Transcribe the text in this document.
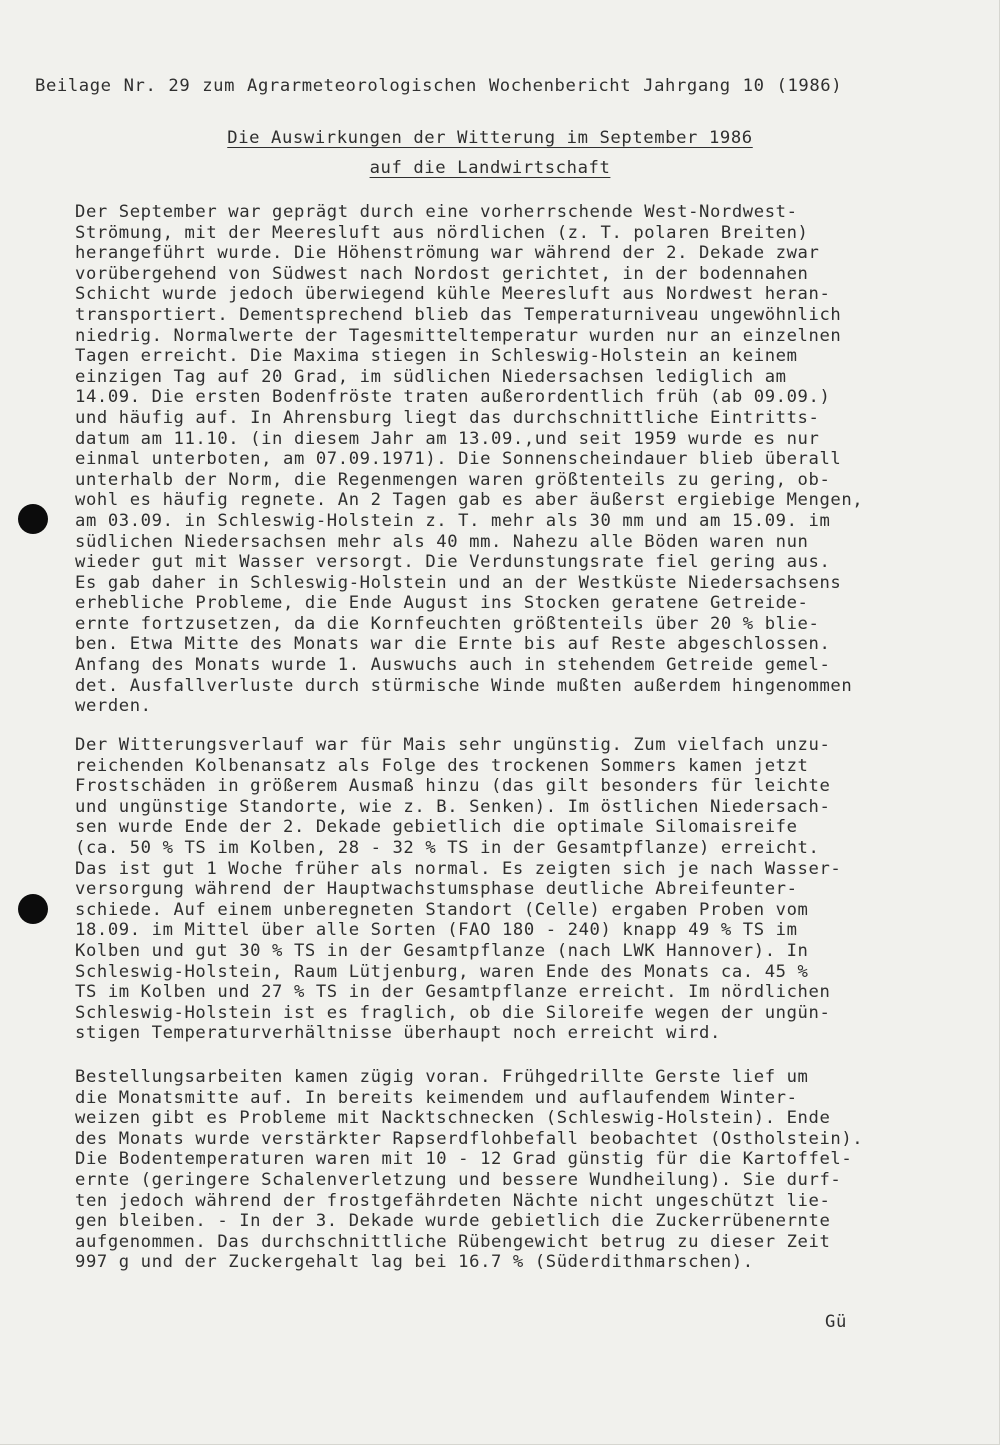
Beilage Nr. 29 zum Agrarmeteorologischen Wochenbericht Jahrgang 10 (1986)
Die Auswirkungen der Witterung im September 1986
auf die Landwirtschaft
Der September war geprägt durch eine vorherrschende West-Nordwest-
Strömung, mit der Meeresluft aus nördlichen (z. T. polaren Breiten)
herangeführt wurde. Die Höhenströmung war während der 2. Dekade zwar
vorübergehend von Südwest nach Nordost gerichtet, in der bodennahen
Schicht wurde jedoch überwiegend kühle Meeresluft aus Nordwest heran-
transportiert. Dementsprechend blieb das Temperaturniveau ungewöhnlich
niedrig. Normalwerte der Tagesmitteltemperatur wurden nur an einzelnen
Tagen erreicht. Die Maxima stiegen in Schleswig-Holstein an keinem
einzigen Tag auf 20 Grad, im südlichen Niedersachsen lediglich am
14.09. Die ersten Bodenfröste traten außerordentlich früh (ab 09.09.)
und häufig auf. In Ahrensburg liegt das durchschnittliche Eintritts-
datum am 11.10. (in diesem Jahr am 13.09.,und seit 1959 wurde es nur
einmal unterboten, am 07.09.1971). Die Sonnenscheindauer blieb überall
unterhalb der Norm, die Regenmengen waren größtenteils zu gering, ob-
wohl es häufig regnete. An 2 Tagen gab es aber äußerst ergiebige Mengen,
am 03.09. in Schleswig-Holstein z. T. mehr als 30 mm und am 15.09. im
südlichen Niedersachsen mehr als 40 mm. Nahezu alle Böden waren nun
wieder gut mit Wasser versorgt. Die Verdunstungsrate fiel gering aus.
Es gab daher in Schleswig-Holstein und an der Westküste Niedersachsens
erhebliche Probleme, die Ende August ins Stocken geratene Getreide-
ernte fortzusetzen, da die Kornfeuchten größtenteils über 20 % blie-
ben. Etwa Mitte des Monats war die Ernte bis auf Reste abgeschlossen.
Anfang des Monats wurde 1. Auswuchs auch in stehendem Getreide gemel-
det. Ausfallverluste durch stürmische Winde mußten außerdem hingenommen
werden.
Der Witterungsverlauf war für Mais sehr ungünstig. Zum vielfach unzu-
reichenden Kolbenansatz als Folge des trockenen Sommers kamen jetzt
Frostschäden in größerem Ausmaß hinzu (das gilt besonders für leichte
und ungünstige Standorte, wie z. B. Senken). Im östlichen Niedersach-
sen wurde Ende der 2. Dekade gebietlich die optimale Silomaisreife
(ca. 50 % TS im Kolben, 28 - 32 % TS in der Gesamtpflanze) erreicht.
Das ist gut 1 Woche früher als normal. Es zeigten sich je nach Wasser-
versorgung während der Hauptwachstumsphase deutliche Abreifeunter-
schiede. Auf einem unberegneten Standort (Celle) ergaben Proben vom
18.09. im Mittel über alle Sorten (FAO 180 - 240) knapp 49 % TS im
Kolben und gut 30 % TS in der Gesamtpflanze (nach LWK Hannover). In
Schleswig-Holstein, Raum Lütjenburg, waren Ende des Monats ca. 45 %
TS im Kolben und 27 % TS in der Gesamtpflanze erreicht. Im nördlichen
Schleswig-Holstein ist es fraglich, ob die Siloreife wegen der ungün-
stigen Temperaturverhältnisse überhaupt noch erreicht wird.
Bestellungsarbeiten kamen zügig voran. Frühgedrillte Gerste lief um
die Monatsmitte auf. In bereits keimendem und auflaufendem Winter-
weizen gibt es Probleme mit Nacktschnecken (Schleswig-Holstein). Ende
des Monats wurde verstärkter Rapserdflohbefall beobachtet (Ostholstein).
Die Bodentemperaturen waren mit 10 - 12 Grad günstig für die Kartoffel-
ernte (geringere Schalenverletzung und bessere Wundheilung). Sie durf-
ten jedoch während der frostgefährdeten Nächte nicht ungeschützt lie-
gen bleiben. - In der 3. Dekade wurde gebietlich die Zuckerrübenernte
aufgenommen. Das durchschnittliche Rübengewicht betrug zu dieser Zeit
997 g und der Zuckergehalt lag bei 16.7 % (Süderdithmarschen).
Gü
